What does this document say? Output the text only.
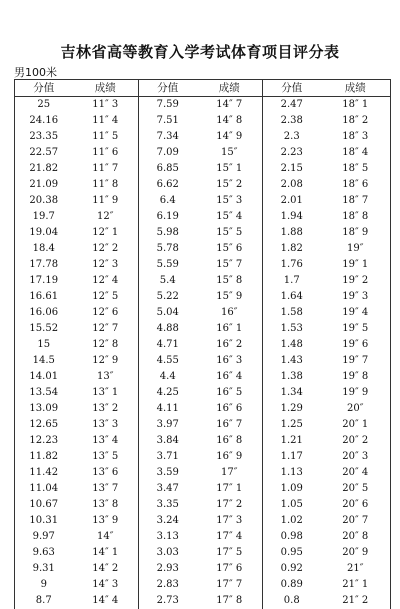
吉林省高等教育入学考试体育项目评分表
男100米
分值	成绩	分值	成绩	分值	成绩
25	11″ 3	7.59	14″ 7	2.47	18″ 1
24.16	11″ 4	7.51	14″ 8	2.38	18″ 2
23.35	11″ 5	7.34	14″ 9	2.3	18″ 3
22.57	11″ 6	7.09	15″	2.23	18″ 4
21.82	11″ 7	6.85	15″ 1	2.15	18″ 5
21.09	11″ 8	6.62	15″ 2	2.08	18″ 6
20.38	11″ 9	6.4	15″ 3	2.01	18″ 7
19.7	12″	6.19	15″ 4	1.94	18″ 8
19.04	12″ 1	5.98	15″ 5	1.88	18″ 9
18.4	12″ 2	5.78	15″ 6	1.82	19″
17.78	12″ 3	5.59	15″ 7	1.76	19″ 1
17.19	12″ 4	5.4	15″ 8	1.7	19″ 2
16.61	12″ 5	5.22	15″ 9	1.64	19″ 3
16.06	12″ 6	5.04	16″	1.58	19″ 4
15.52	12″ 7	4.88	16″ 1	1.53	19″ 5
15	12″ 8	4.71	16″ 2	1.48	19″ 6
14.5	12″ 9	4.55	16″ 3	1.43	19″ 7
14.01	13″	4.4	16″ 4	1.38	19″ 8
13.54	13″ 1	4.25	16″ 5	1.34	19″ 9
13.09	13″ 2	4.11	16″ 6	1.29	20″
12.65	13″ 3	3.97	16″ 7	1.25	20″ 1
12.23	13″ 4	3.84	16″ 8	1.21	20″ 2
11.82	13″ 5	3.71	16″ 9	1.17	20″ 3
11.42	13″ 6	3.59	17″	1.13	20″ 4
11.04	13″ 7	3.47	17″ 1	1.09	20″ 5
10.67	13″ 8	3.35	17″ 2	1.05	20″ 6
10.31	13″ 9	3.24	17″ 3	1.02	20″ 7
9.97	14″	3.13	17″ 4	0.98	20″ 8
9.63	14″ 1	3.03	17″ 5	0.95	20″ 9
9.31	14″ 2	2.93	17″ 6	0.92	21″
9	14″ 3	2.83	17″ 7	0.89	21″ 1
8.7	14″ 4	2.73	17″ 8	0.8	21″ 2
